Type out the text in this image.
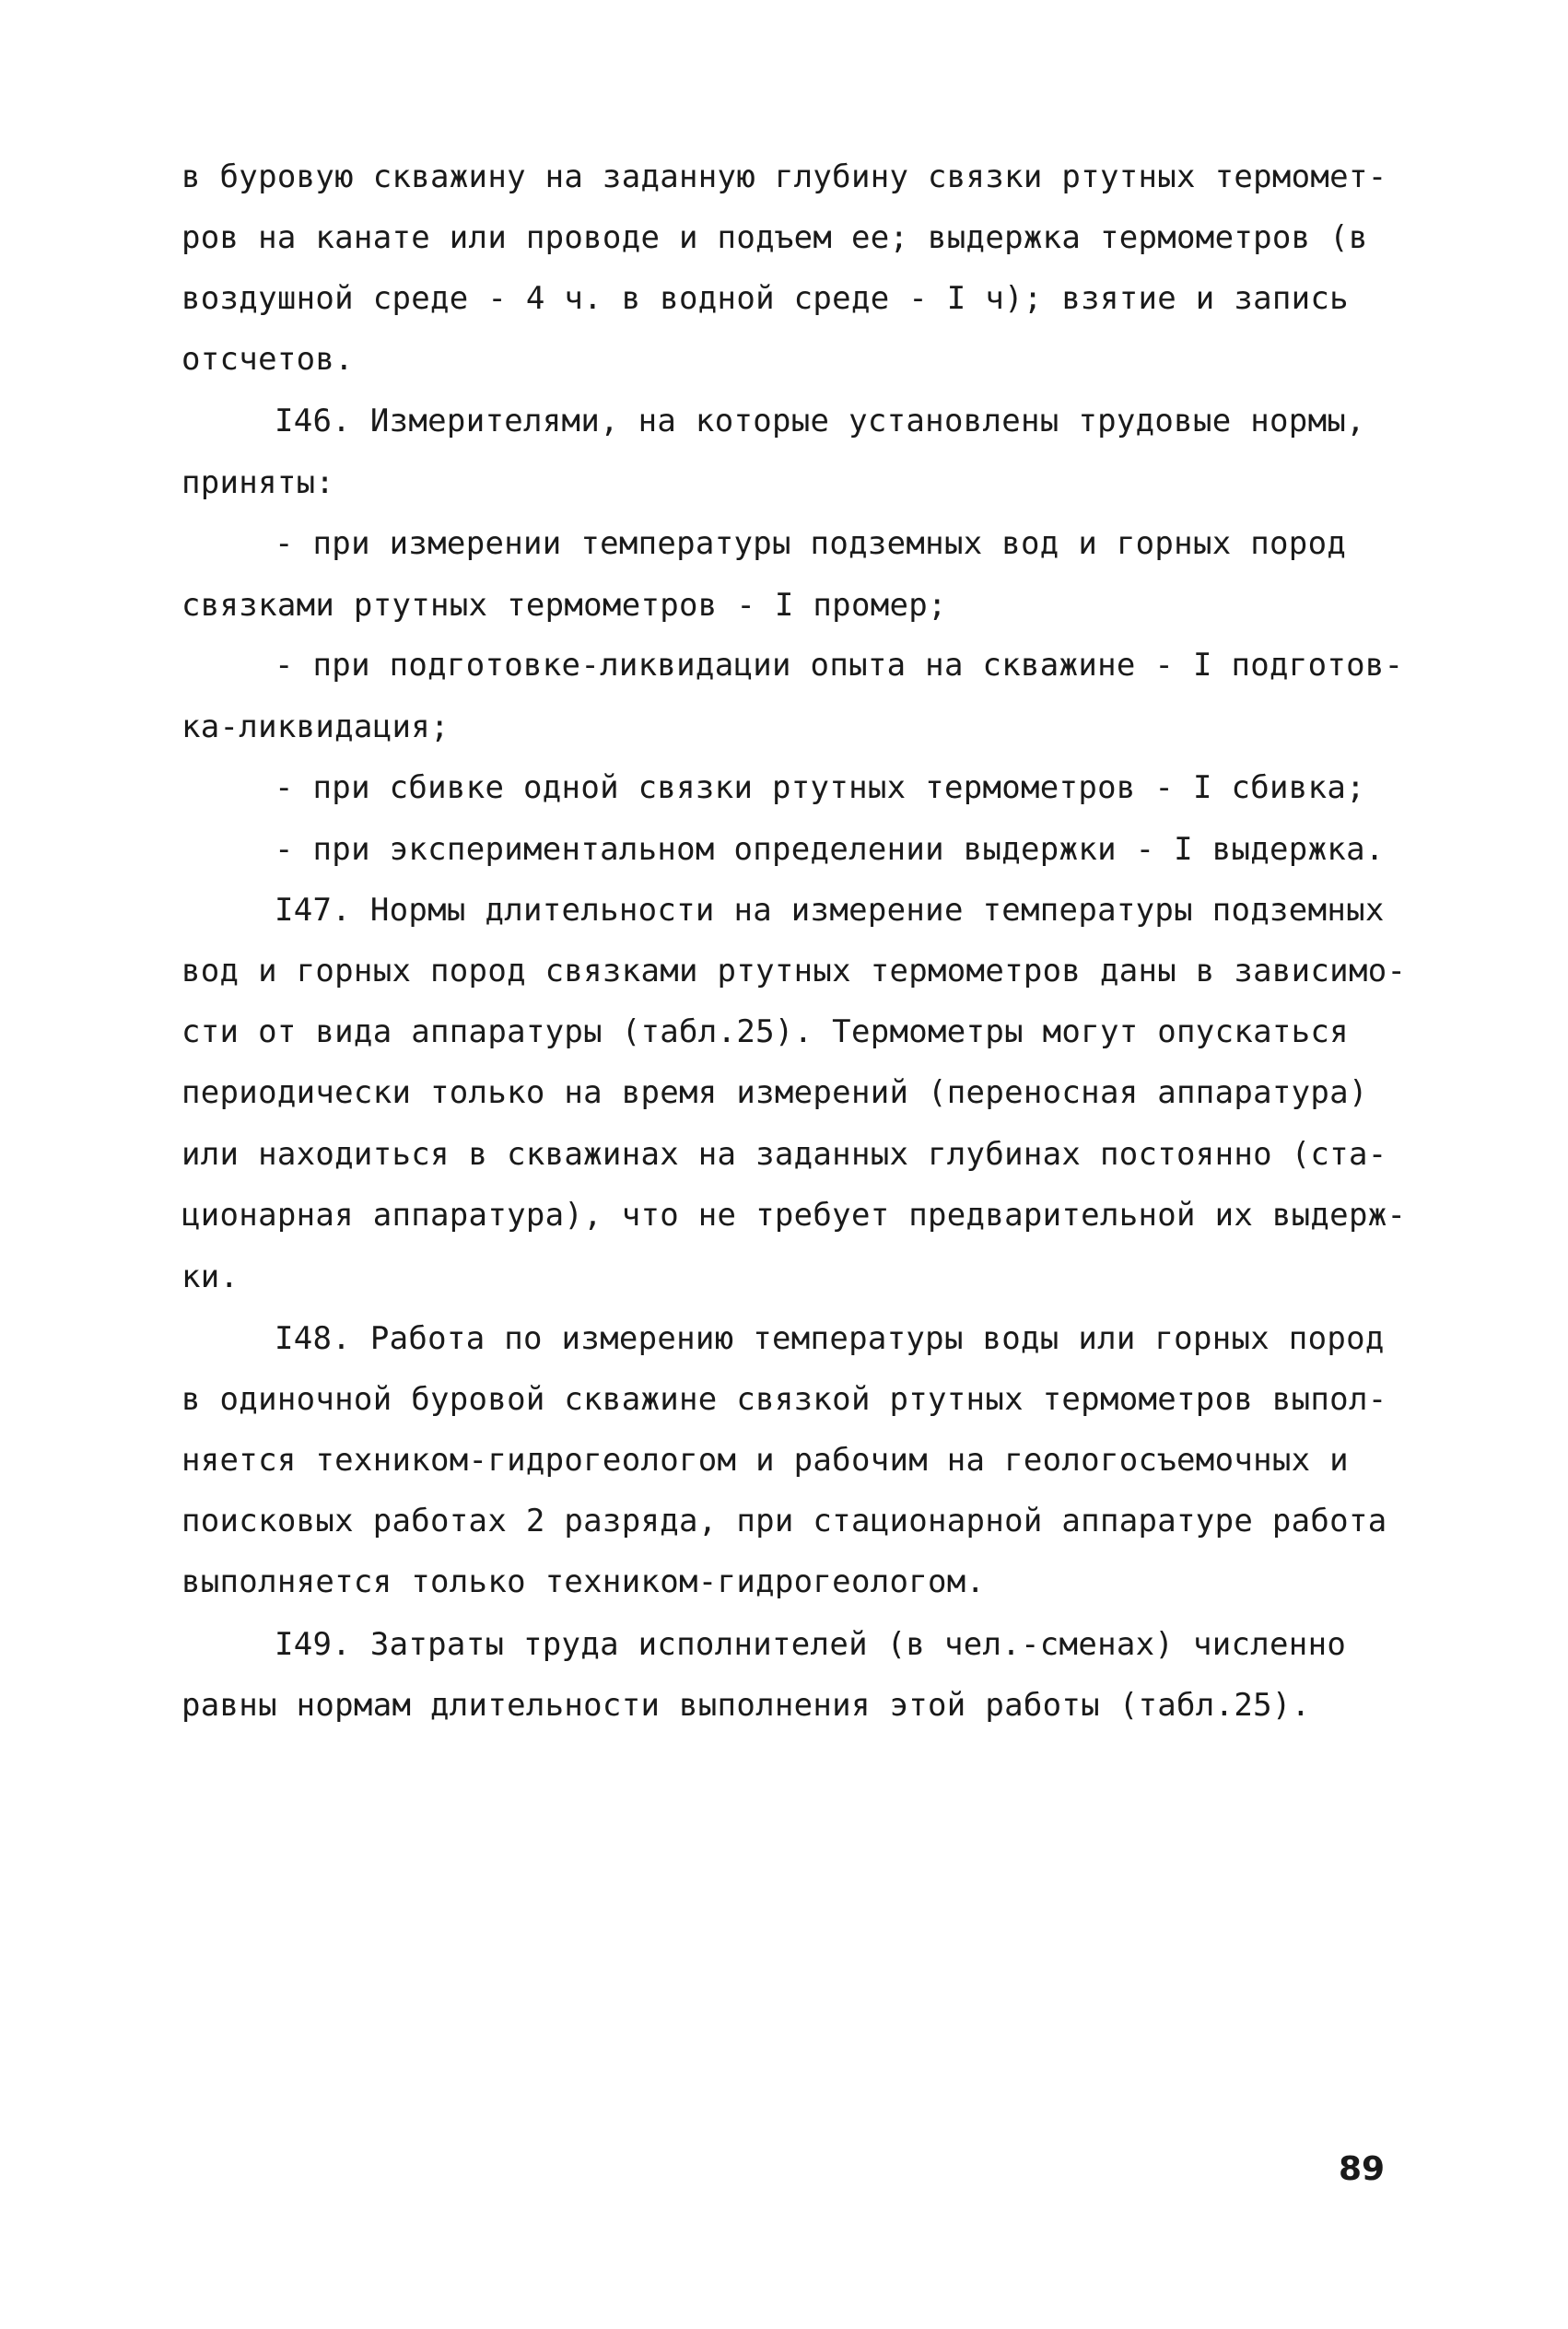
в буровую скважину на заданную глубину связки ртутных термомет-
ров на канате или проводе и подъем ее; выдержка термометров (в
воздушной среде - 4 ч. в водной среде - I ч); взятие и запись
отсчетов.
I46. Измерителями, на которые установлены трудовые нормы,
приняты:
- при измерении температуры подземных вод и горных пород
связками ртутных термометров - I промер;
- при подготовке-ликвидации опыта на скважине - I подготов-
ка-ликвидация;
- при сбивке одной связки ртутных термометров - I сбивка;
- при экспериментальном определении выдержки - I выдержка.
I47. Нормы длительности на измерение температуры подземных
вод и горных пород связками ртутных термометров даны в зависимо-
сти от вида аппаратуры (табл.25). Термометры могут опускаться
периодически только на время измерений (переносная аппаратура)
или находиться в скважинах на заданных глубинах постоянно (ста-
ционарная аппаратура), что не требует предварительной их выдерж-
ки.
I48. Работа по измерению температуры воды или горных пород
в одиночной буровой скважине связкой ртутных термометров выпол-
няется техником-гидрогеологом и рабочим на геологосъемочных и
поисковых работах 2 разряда, при стационарной аппаратуре работа
выполняется только техником-гидрогеологом.
I49. Затраты труда исполнителей (в чел.-сменах) численно
равны нормам длительности выполнения этой работы (табл.25).
89
